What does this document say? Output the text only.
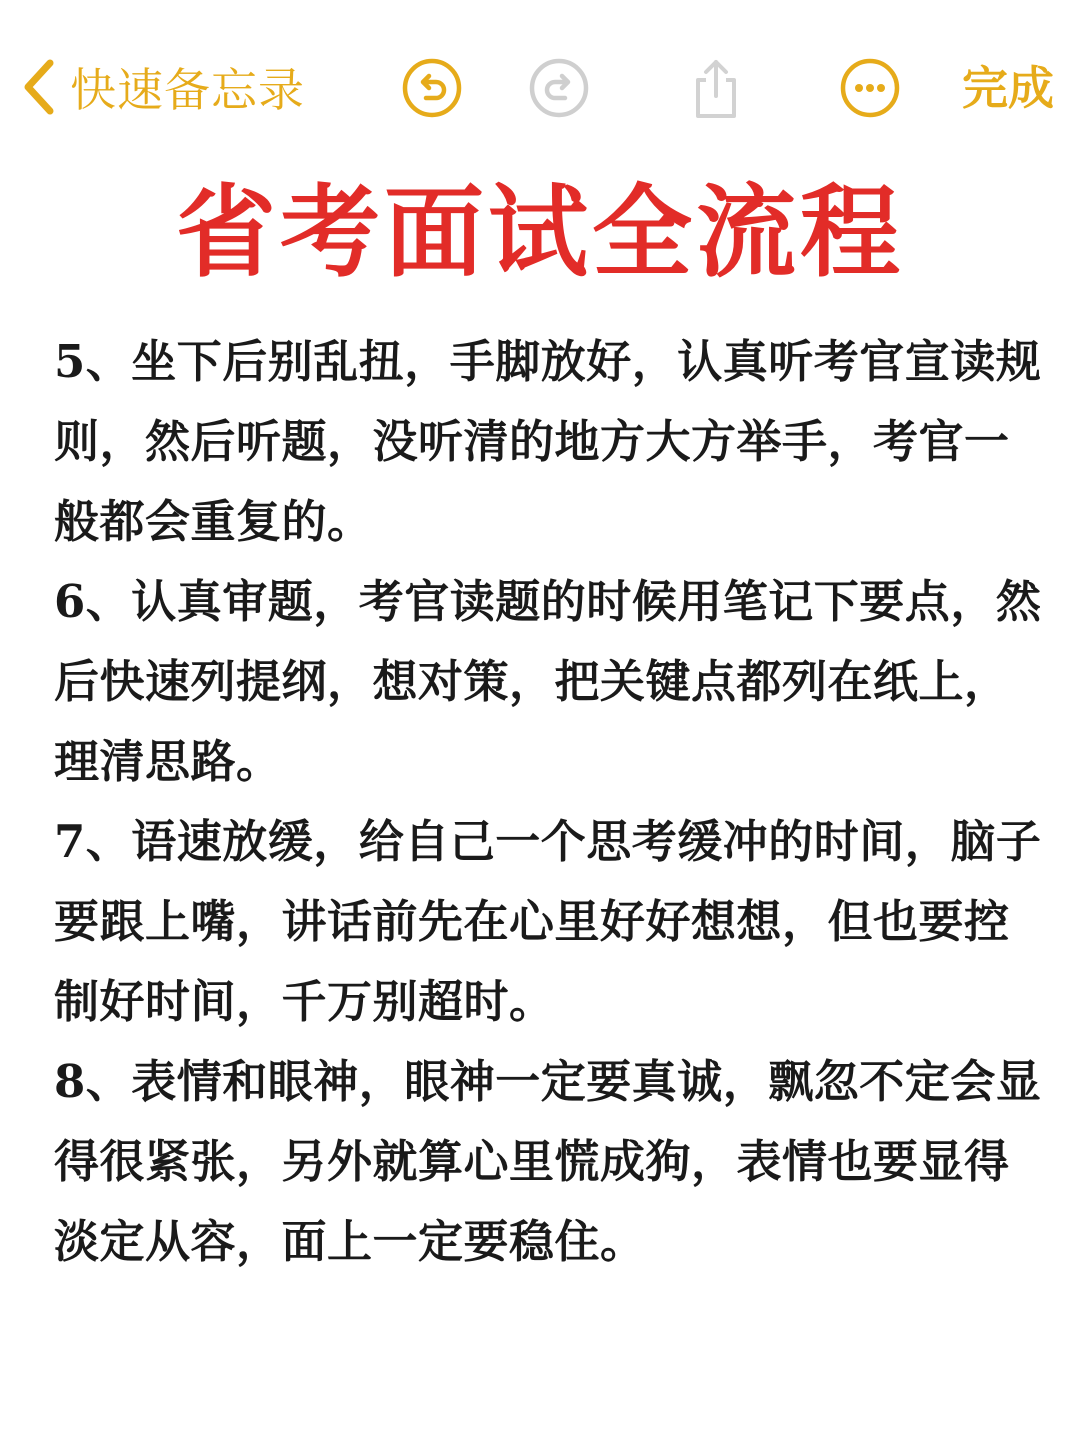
快速备忘录	完成
省考面试全流程

5、坐下后别乱扭，手脚放好，认真听考官宣读规则，然后听题，没听清的地方大方举手，考官一般都会重复的。

6、认真审题，考官读题的时候用笔记下要点，然后快速列提纲，想对策，把关键点都列在纸上，理清思路。

7、语速放缓，给自己一个思考缓冲的时间，脑子要跟上嘴，讲话前先在心里好好想想，但也要控制好时间，千万别超时。

8、表情和眼神，眼神一定要真诚，飘忽不定会显得很紧张，另外就算心里慌成狗，表情也要显得淡定从容，面上一定要稳住。
